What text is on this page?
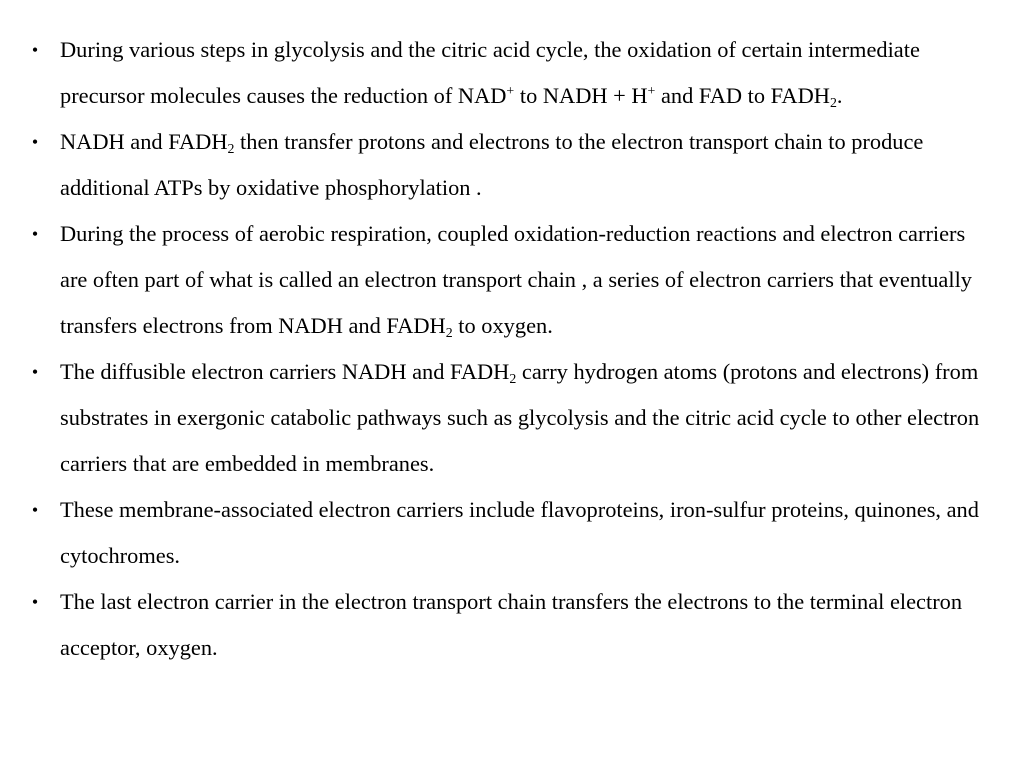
• During various steps in glycolysis and the citric acid cycle, the oxidation of certain intermediate precursor molecules causes the reduction of NAD+ to NADH + H+ and FAD to $FADH_2$.
• NADH and $FADH_2$ then transfer protons and electrons to the electron transport chain to produce additional ATPs by oxidative phosphorylation .
• During the process of aerobic respiration, coupled oxidation-reduction reactions and electron carriers are often part of what is called an electron transport chain , a series of electron carriers that eventually transfers electrons from NADH and $FADH_2$ to oxygen.
• The diffusible electron carriers NADH and $FADH_2$ carry hydrogen atoms (protons and electrons) from substrates in exergonic catabolic pathways such as glycolysis and the citric acid cycle to other electron carriers that are embedded in membranes.
• These membrane-associated electron carriers include flavoproteins, iron-sulfur proteins, quinones, and cytochromes.
• The last electron carrier in the electron transport chain transfers the electrons to the terminal electron acceptor, oxygen.
